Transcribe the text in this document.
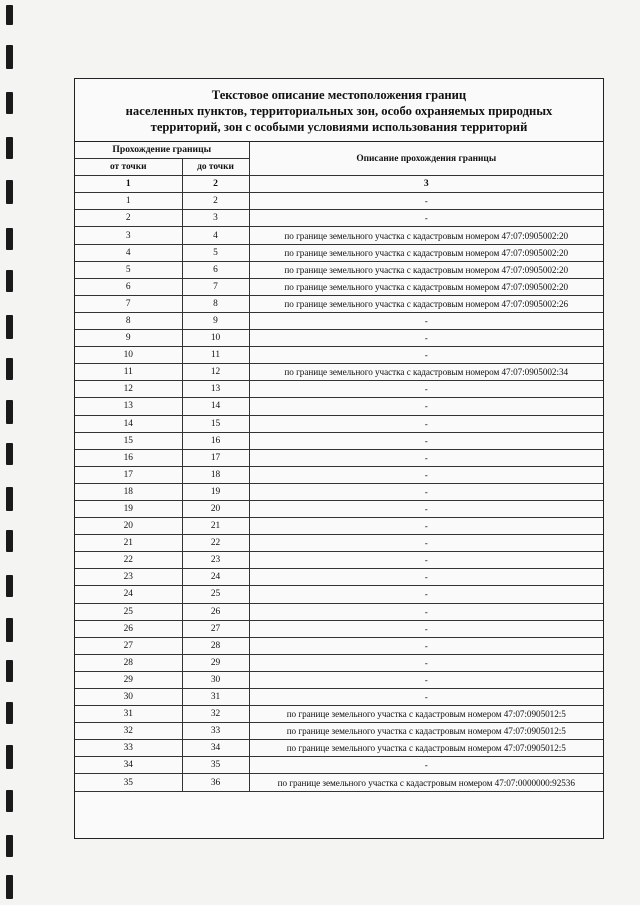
Текстовое описание местоположения границ
населенных пунктов, территориальных зон, особо охраняемых природных
территорий, зон с особыми условиями использования территорий
Прохождение границы		Описание прохождения границы
от точки	до точки	
1	2	3
1	2	-
2	3	-
3	4	по границе земельного участка с кадастровым номером 47:07:0905002:20
4	5	по границе земельного участка с кадастровым номером 47:07:0905002:20
5	6	по границе земельного участка с кадастровым номером 47:07:0905002:20
6	7	по границе земельного участка с кадастровым номером 47:07:0905002:20
7	8	по границе земельного участка с кадастровым номером 47:07:0905002:26
8	9	-
9	10	-
10	11	-
11	12	по границе земельного участка с кадастровым номером 47:07:0905002:34
12	13	-
13	14	-
14	15	-
15	16	-
16	17	-
17	18	-
18	19	-
19	20	-
20	21	-
21	22	-
22	23	-
23	24	-
24	25	-
25	26	-
26	27	-
27	28	-
28	29	-
29	30	-
30	31	-
31	32	по границе земельного участка с кадастровым номером 47:07:0905012:5
32	33	по границе земельного участка с кадастровым номером 47:07:0905012:5
33	34	по границе земельного участка с кадастровым номером 47:07:0905012:5
34	35	-
35	36	по границе земельного участка с кадастровым номером 47:07:0000000:92536
